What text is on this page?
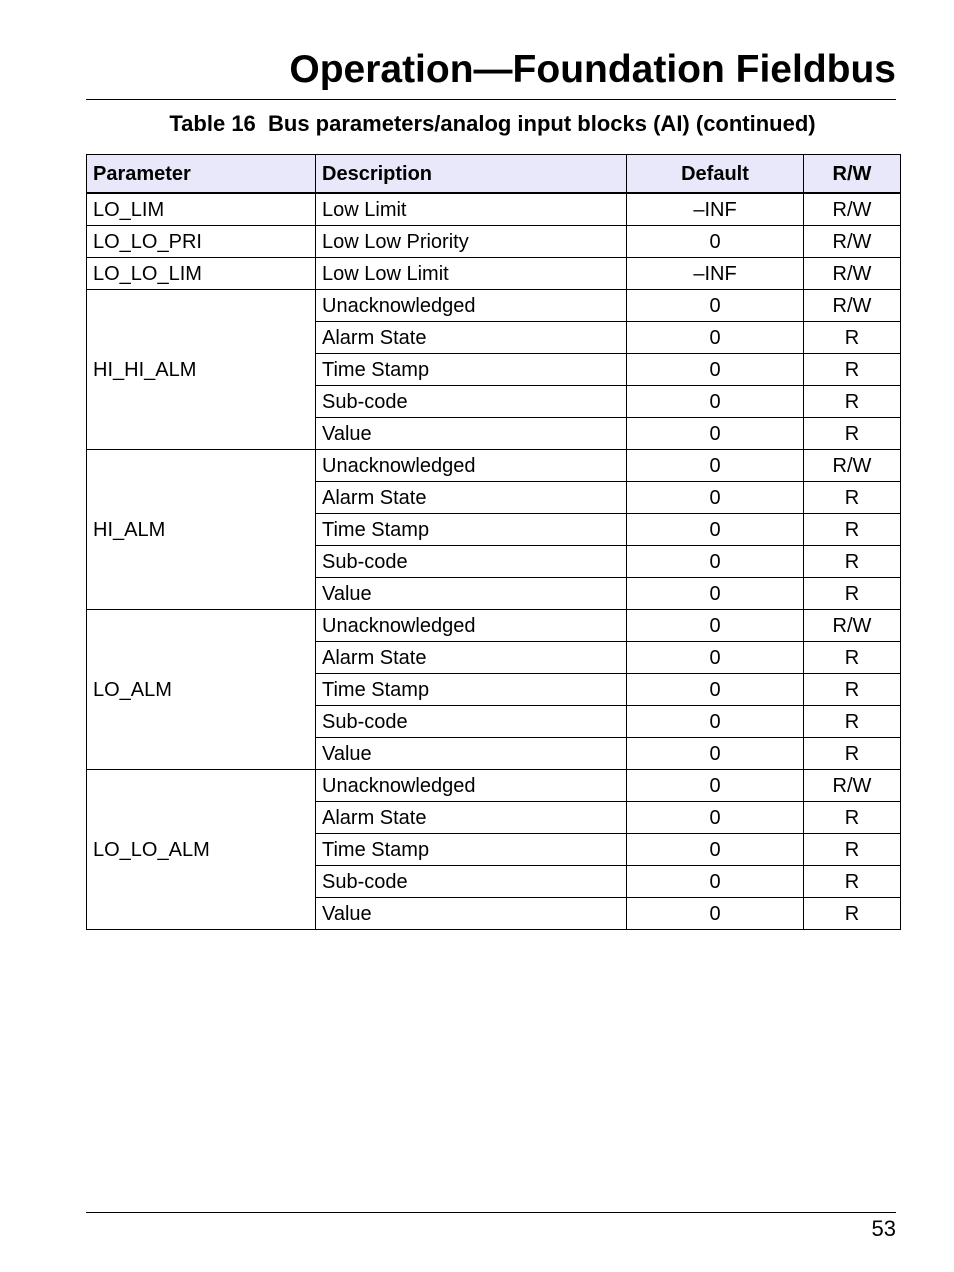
Operation—Foundation Fieldbus
Table 16  Bus parameters/analog input blocks (AI) (continued)
Parameter	Description	Default	R/W
LO_LIM	Low Limit	–INF	R/W
LO_LO_PRI	Low Low Priority	0	R/W
LO_LO_LIM	Low Low Limit	–INF	R/W
HI_HI_ALM	Unacknowledged	0	R/W
	Alarm State	0	R
	Time Stamp	0	R
	Sub-code	0	R
	Value	0	R
HI_ALM	Unacknowledged	0	R/W
	Alarm State	0	R
	Time Stamp	0	R
	Sub-code	0	R
	Value	0	R
LO_ALM	Unacknowledged	0	R/W
	Alarm State	0	R
	Time Stamp	0	R
	Sub-code	0	R
	Value	0	R
LO_LO_ALM	Unacknowledged	0	R/W
	Alarm State	0	R
	Time Stamp	0	R
	Sub-code	0	R
	Value	0	R
53
